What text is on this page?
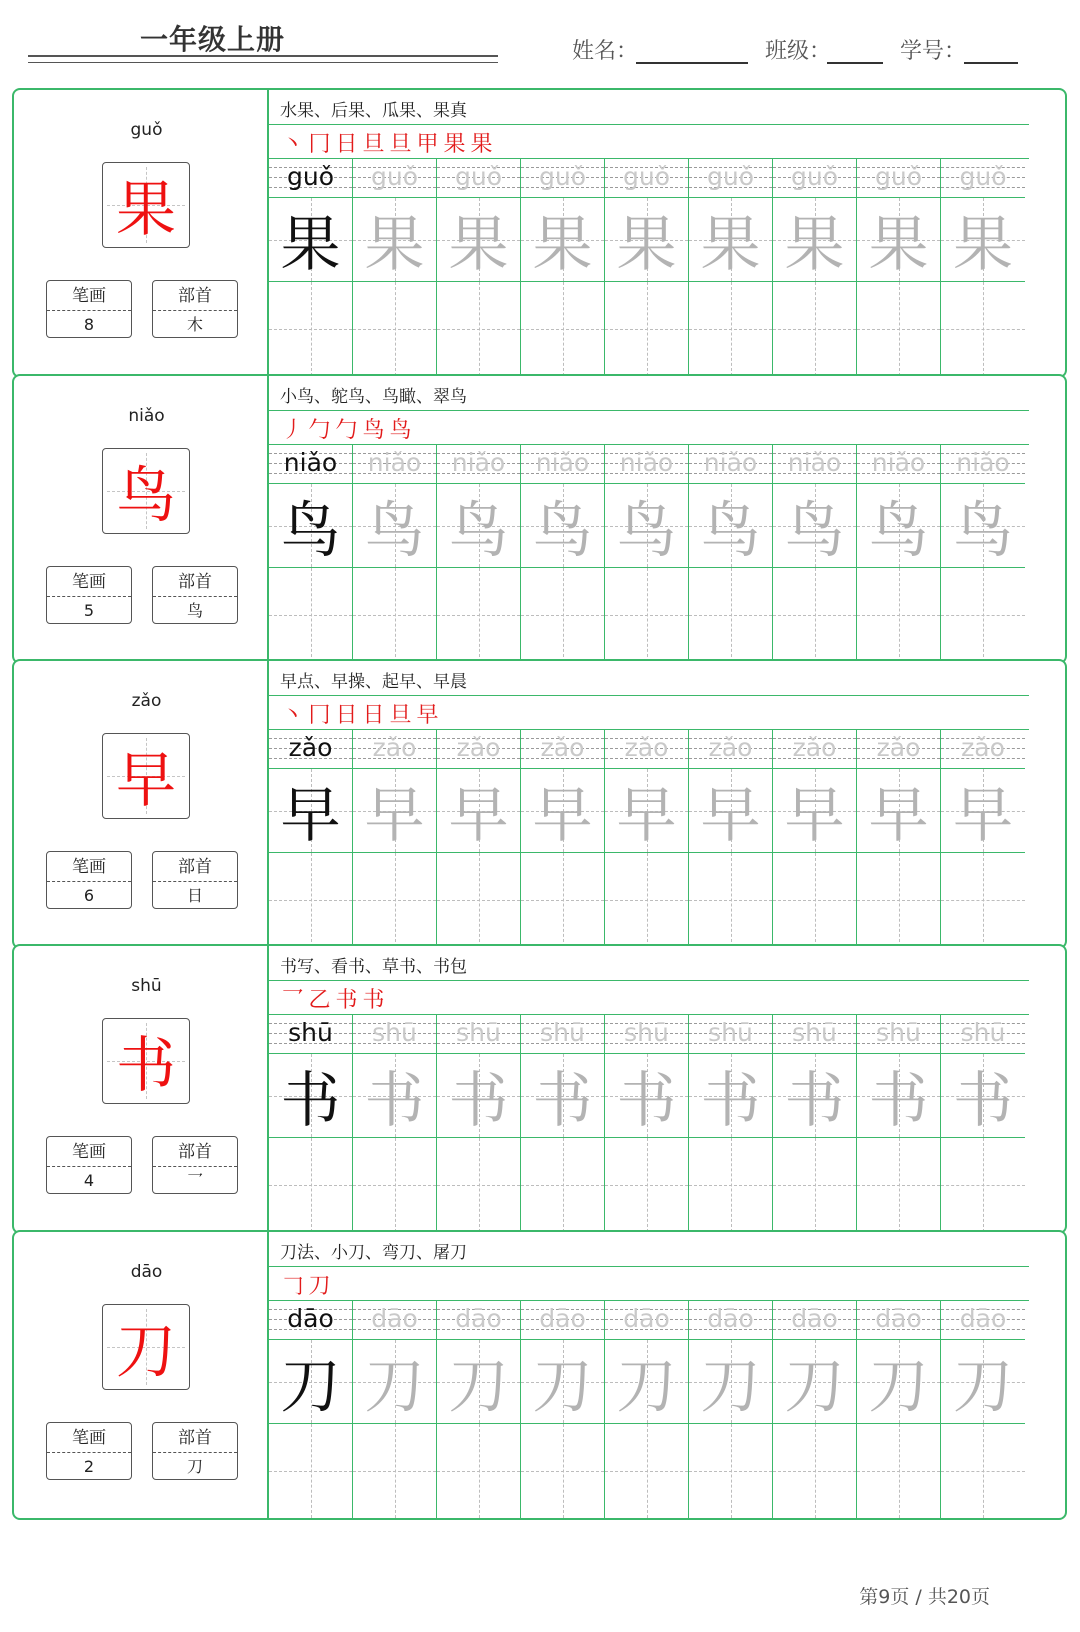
一年级上册	姓名：	班级：	学号：
guǒ
果
笔画
8
部首
木
水果、后果、瓜果、果真
丶 冂 日 旦 旦 甲 果 果
guǒ
果
guǒ
果
guǒ
果
guǒ
果
guǒ
果
guǒ
果
guǒ
果
guǒ
果
guǒ
果
niǎo
鸟
笔画
5
部首
鸟
小鸟、鸵鸟、鸟瞰、翠鸟
丿 勹 勹 鸟 鸟
niǎo
鸟
niǎo
鸟
niǎo
鸟
niǎo
鸟
niǎo
鸟
niǎo
鸟
niǎo
鸟
niǎo
鸟
niǎo
鸟
zǎo
早
笔画
6
部首
日
早点、早操、起早、早晨
丶 冂 日 日 旦 早
zǎo
早
zǎo
早
zǎo
早
zǎo
早
zǎo
早
zǎo
早
zǎo
早
zǎo
早
zǎo
早
shū
书
笔画
4
部首
乛
书写、看书、草书、书包
乛 乙 书 书
shū
书
shū
书
shū
书
shū
书
shū
书
shū
书
shū
书
shū
书
shū
书
dāo
刀
笔画
2
部首
刀
刀法、小刀、弯刀、屠刀
𠃌 刀
dāo
刀
dāo
刀
dāo
刀
dāo
刀
dāo
刀
dāo
刀
dāo
刀
dāo
刀
dāo
刀
第9页 / 共20页
